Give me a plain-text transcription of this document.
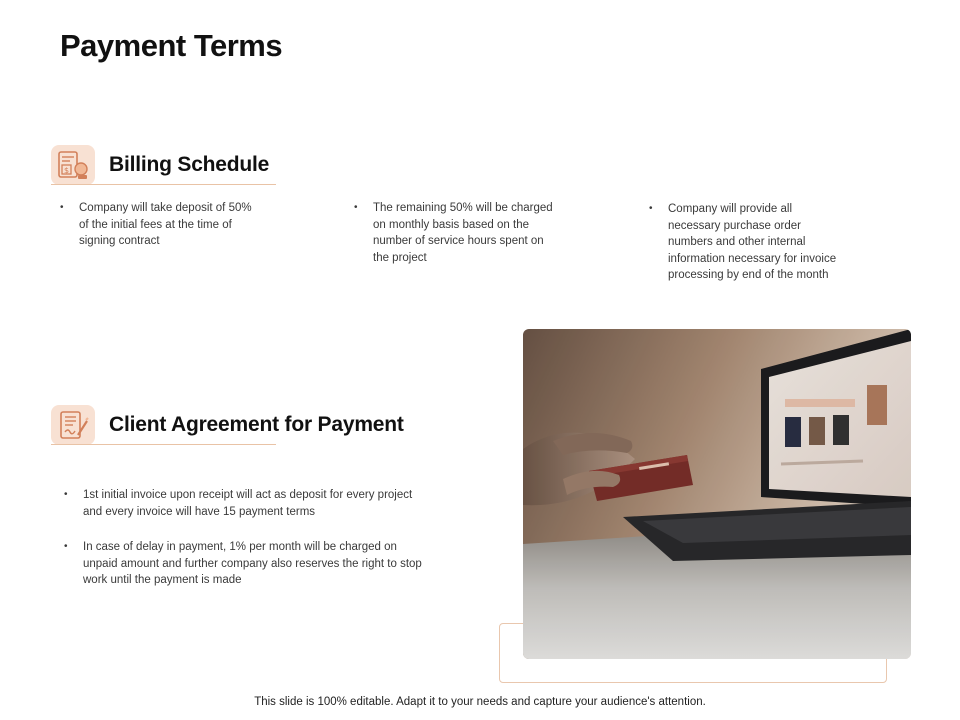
Payment Terms
$ Billing Schedule
• Company will take deposit of 50% of the initial fees at the time of signing contract
• The remaining 50% will be charged on monthly basis based on the number of service hours spent on the project
• Company will provide all necessary purchase order numbers and other internal information necessary for invoice processing by end of the month
Client Agreement for Payment
• 1st initial invoice upon receipt will act as deposit for every project and every invoice will have 15 payment terms
• In case of delay in payment, 1% per month will be charged on unpaid amount and further company also reserves the right to stop work until the payment is made
This slide is 100% editable. Adapt it to your needs and capture your audience's attention.
